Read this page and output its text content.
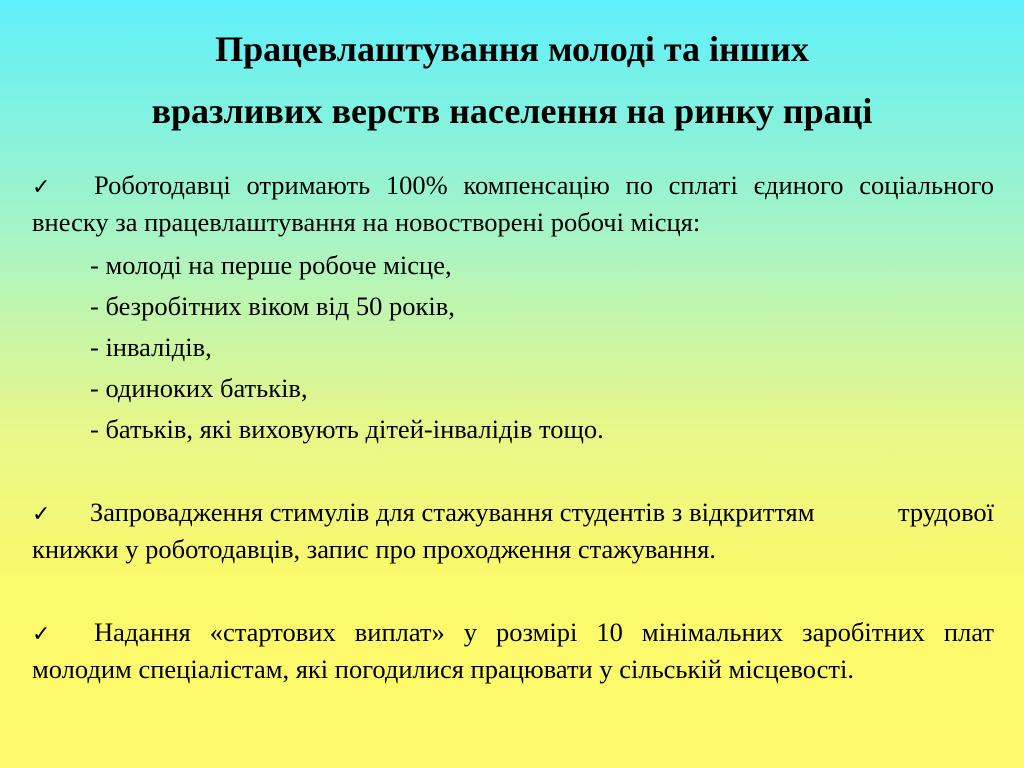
Працевлаштування молоді та інших
вразливих верств населення на ринку праці
✓ Роботодавці отримають 100% компенсацію по сплаті єдиного соціального внеску за працевлаштування на новостворені робочі місця:
- молоді на перше робоче місце,
- безробітних віком від 50 років,
- інвалідів,
- одиноких батьків,
- батьків, які виховують дітей-інвалідів тощо.
✓ Запровадження стимулів для стажування студентів з відкриттям	трудової книжки у роботодавців, запис про проходження стажування.
✓ Надання «стартових виплат» у розмірі 10 мінімальних заробітних плат молодим спеціалістам, які погодилися працювати у сільській місцевості.
